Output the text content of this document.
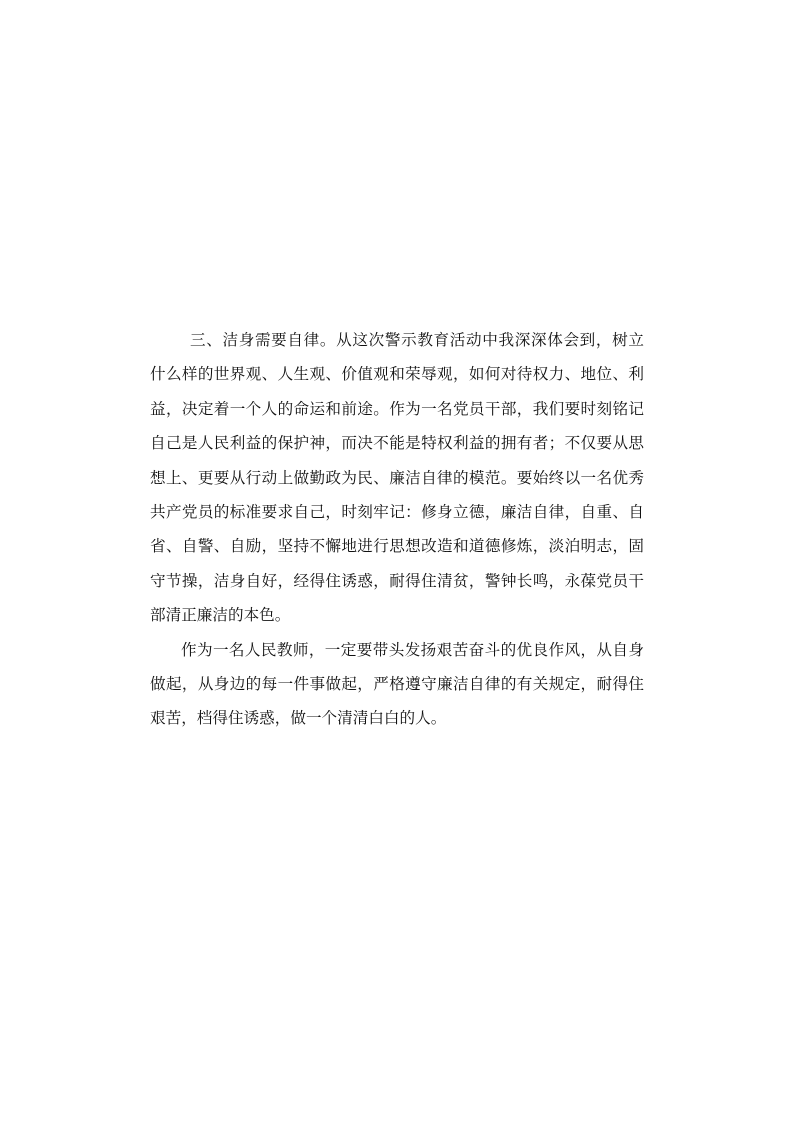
三、洁身需要自律。从这次警示教育活动中我深深体会到，树立
什么样的世界观、人生观、价值观和荣辱观，如何对待权力、地位、利
益，决定着一个人的命运和前途。作为一名党员干部，我们要时刻铭记
自己是人民利益的保护神，而决不能是特权利益的拥有者；不仅要从思
想上、更要从行动上做勤政为民、廉洁自律的模范。要始终以一名优秀
共产党员的标准要求自己，时刻牢记：修身立德，廉洁自律，自重、自
省、自警、自励，坚持不懈地进行思想改造和道德修炼，淡泊明志，固
守节操，洁身自好，经得住诱惑，耐得住清贫，警钟长鸣，永葆党员干
部清正廉洁的本色。
作为一名人民教师，一定要带头发扬艰苦奋斗的优良作风，从自身
做起，从身边的每一件事做起，严格遵守廉洁自律的有关规定，耐得住
艰苦，档得住诱惑，做一个清清白白的人。
